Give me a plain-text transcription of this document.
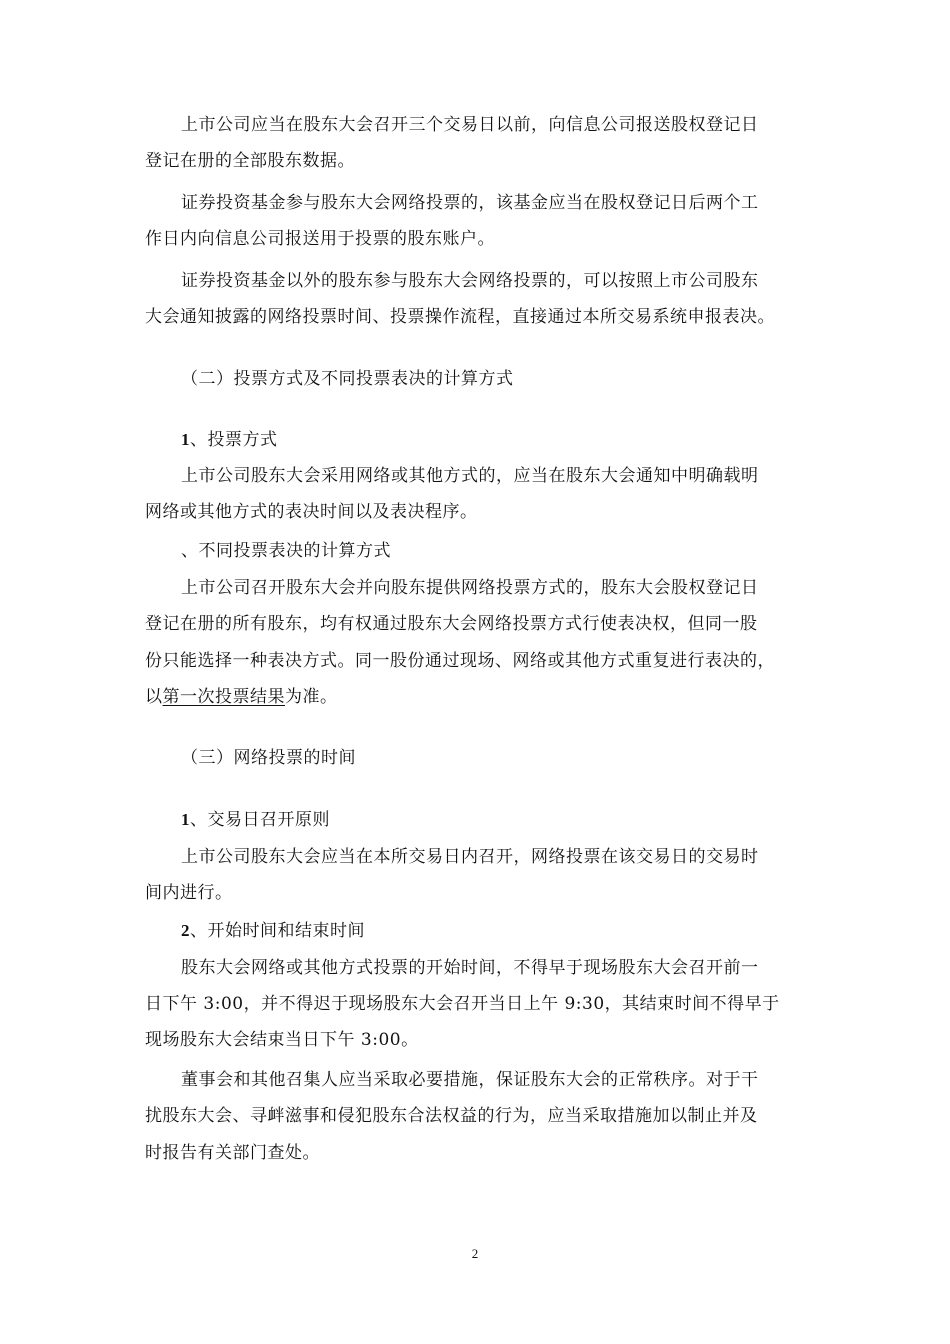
上市公司应当在股东大会召开三个交易日以前，向信息公司报送股权登记日
登记在册的全部股东数据。
证券投资基金参与股东大会网络投票的，该基金应当在股权登记日后两个工
作日内向信息公司报送用于投票的股东账户。
证券投资基金以外的股东参与股东大会网络投票的，可以按照上市公司股东
大会通知披露的网络投票时间、投票操作流程，直接通过本所交易系统申报表决。
（二）投票方式及不同投票表决的计算方式
1、投票方式
上市公司股东大会采用网络或其他方式的，应当在股东大会通知中明确载明
网络或其他方式的表决时间以及表决程序。
、不同投票表决的计算方式
上市公司召开股东大会并向股东提供网络投票方式的，股东大会股权登记日
登记在册的所有股东，均有权通过股东大会网络投票方式行使表决权，但同一股
份只能选择一种表决方式。同一股份通过现场、网络或其他方式重复进行表决的，
以第一次投票结果为准。
（三）网络投票的时间
1、交易日召开原则
上市公司股东大会应当在本所交易日内召开，网络投票在该交易日的交易时
间内进行。
2、开始时间和结束时间
股东大会网络或其他方式投票的开始时间，不得早于现场股东大会召开前一
日下午 3:00，并不得迟于现场股东大会召开当日上午 9:30，其结束时间不得早于
现场股东大会结束当日下午 3:00。
董事会和其他召集人应当采取必要措施，保证股东大会的正常秩序。对于干
扰股东大会、寻衅滋事和侵犯股东合法权益的行为，应当采取措施加以制止并及
时报告有关部门查处。
2
